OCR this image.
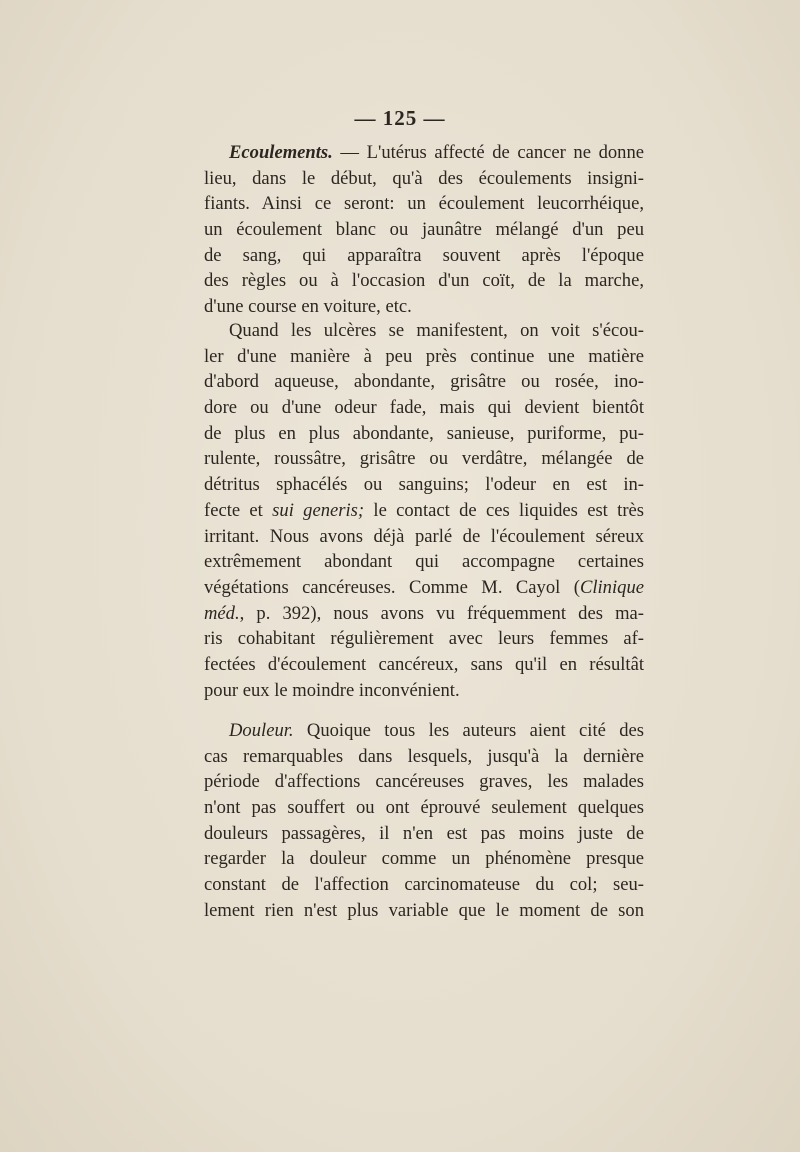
— 125 —
Ecoulements. — L'utérus affecté de cancer ne donne
lieu, dans le début, qu'à des écoulements insigni-
fiants. Ainsi ce seront: un écoulement leucorrhéique,
un écoulement blanc ou jaunâtre mélangé d'un peu
de sang, qui apparaîtra souvent après l'époque
des règles ou à l'occasion d'un coït, de la marche,
d'une course en voiture, etc.
Quand les ulcères se manifestent, on voit s'écou-
ler d'une manière à peu près continue une matière
d'abord aqueuse, abondante, grisâtre ou rosée, ino-
dore ou d'une odeur fade, mais qui devient bientôt
de plus en plus abondante, sanieuse, puriforme, pu-
rulente, roussâtre, grisâtre ou verdâtre, mélangée de
détritus sphacélés ou sanguins; l'odeur en est in-
fecte et sui generis; le contact de ces liquides est très
irritant. Nous avons déjà parlé de l'écoulement séreux
extrêmement abondant qui accompagne certaines
végétations cancéreuses. Comme M. Cayol (Clinique
méd., p. 392), nous avons vu fréquemment des ma-
ris cohabitant régulièrement avec leurs femmes af-
fectées d'écoulement cancéreux, sans qu'il en résultât
pour eux le moindre inconvénient.
Douleur. Quoique tous les auteurs aient cité des
cas remarquables dans lesquels, jusqu'à la dernière
période d'affections cancéreuses graves, les malades
n'ont pas souffert ou ont éprouvé seulement quelques
douleurs passagères, il n'en est pas moins juste de
regarder la douleur comme un phénomène presque
constant de l'affection carcinomateuse du col; seu-
lement rien n'est plus variable que le moment de son
